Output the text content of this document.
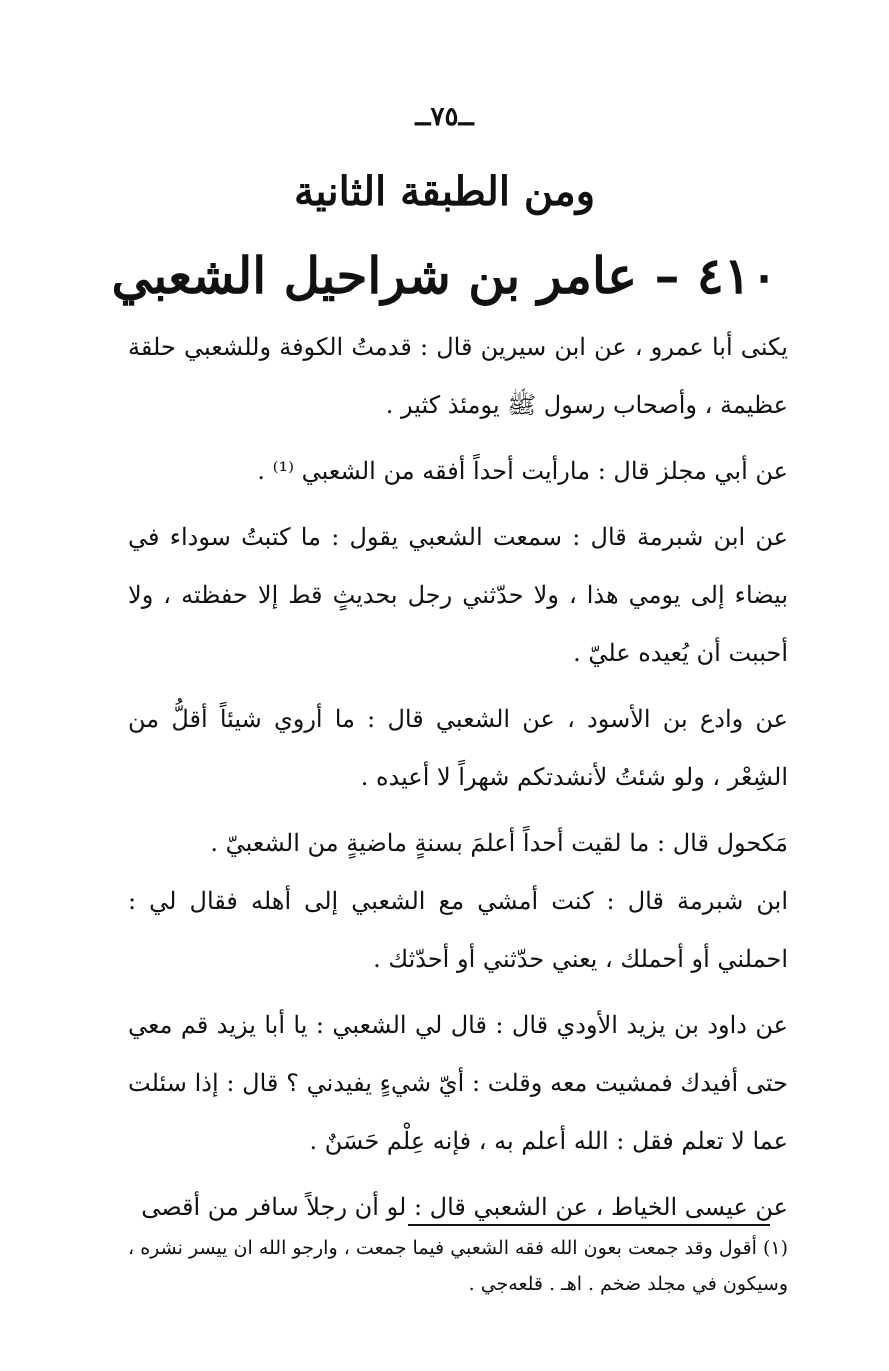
ــ٧٥ــ
ومن الطبقة الثانية
٤١٠ – عامر بن شراحيل الشعبي

يكنى أبا عمرو ، عن ابن سيرين قال : قدمتُ الكوفة وللشعبي حلقة عظيمة ، وأصحاب رسول ﷺ يومئذ كثير .

عن أبي مجلز قال : مارأيت أحداً أفقه من الشعبي ⁽¹⁾ .

عن ابن شبرمة قال : سمعت الشعبي يقول : ما كتبتُ سوداء في بيضاء إلى يومي هذا ، ولا حدّثني رجل بحديثٍ قط إلا حفظته ، ولا أحببت أن يُعيده عليّ .

عن وادع بن الأسود ، عن الشعبي قال : ما أروي شيئاً أقلُّ من الشِعْر ، ولو شئتُ لأنشدتكم شهراً لا أعيده .

مَكحول قال : ما لقيت أحداً أعلمَ بسنةٍ ماضيةٍ من الشعبيّ .

ابن شبرمة قال : كنت أمشي مع الشعبي إلى أهله فقال لي : احملني أو أحملك ، يعني حدّثني أو أحدّثك .

عن داود بن يزيد الأودي قال : قال لي الشعبي : يا أبا يزيد قم معي حتى أفيدك فمشيت معه وقلت : أيّ شيءٍ يفيدني ؟ قال : إذا سئلت عما لا تعلم فقل : الله أعلم به ، فإنه عِلْم حَسَنٌ .

عن عيسى الخياط ، عن الشعبي قال : لو أن رجلاً سافر من أقصى

(١) أقول وقد جمعت بعون الله فقه الشعبي فيما جمعت ، وارجو الله ان ييسر نشره ، وسيكون في مجلد ضخم . اهـ . قلعه‌جي .
